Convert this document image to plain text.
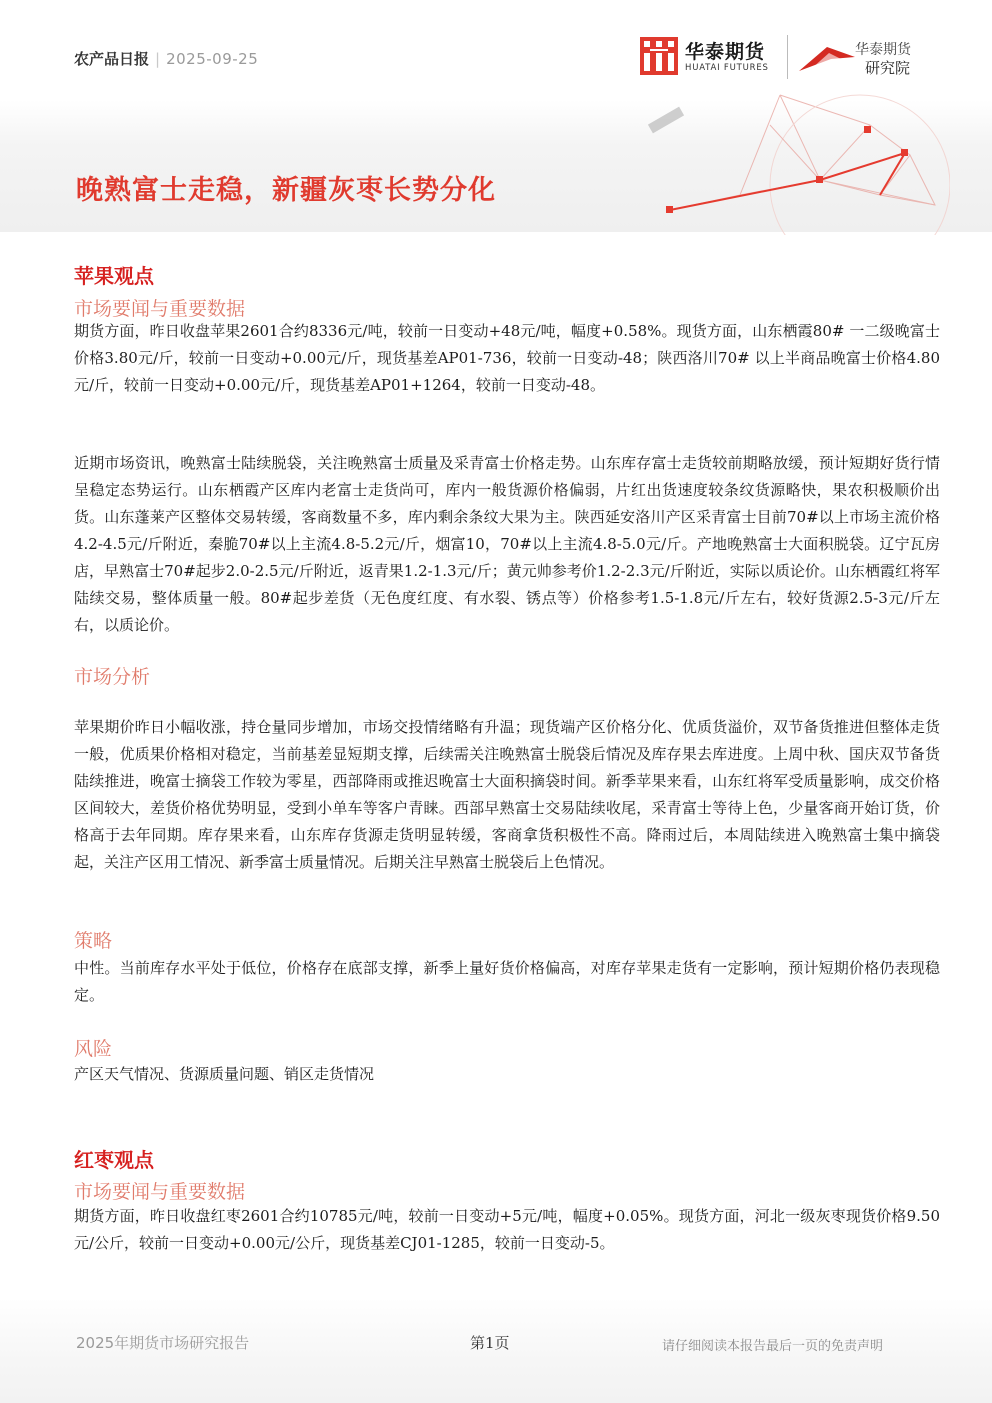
农产品日报 | 2025-09-25	华泰期货
HUATAI FUTURES
华泰期货
研究院
晚熟富士走稳，新疆灰枣长势分化
苹果观点
市场要闻与重要数据

期货方面，昨日收盘苹果2601合约8336元/吨，较前一日变动+48元/吨，幅度+0.58%。现货方面，山东栖霞80# 一二级晚富士价格3.80元/斤，较前一日变动+0.00元/斤，现货基差AP01-736，较前一日变动-48；陕西洛川70# 以上半商品晚富士价格4.80元/斤，较前一日变动+0.00元/斤，现货基差AP01+1264，较前一日变动-48。

近期市场资讯，晚熟富士陆续脱袋，关注晚熟富士质量及采青富士价格走势。山东库存富士走货较前期略放缓，预计短期好货行情呈稳定态势运行。山东栖霞产区库内老富士走货尚可，库内一般货源价格偏弱，片红出货速度较条纹货源略快，果农积极顺价出货。山东蓬莱产区整体交易转缓，客商数量不多，库内剩余条纹大果为主。陕西延安洛川产区采青富士目前70#以上市场主流价格4.2-4.5元/斤附近，秦脆70#以上主流4.8-5.2元/斤，烟富10，70#以上主流4.8-5.0元/斤。产地晚熟富士大面积脱袋。辽宁瓦房店，早熟富士70#起步2.0-2.5元/斤附近，返青果1.2-1.3元/斤；黄元帅参考价1.2-2.3元/斤附近，实际以质论价。山东栖霞红将军陆续交易，整体质量一般。80#起步差货（无色度红度、有水裂、锈点等）价格参考1.5-1.8元/斤左右，较好货源2.5-3元/斤左右，以质论价。

市场分析

苹果期价昨日小幅收涨，持仓量同步增加，市场交投情绪略有升温；现货端产区价格分化、优质货溢价，双节备货推进但整体走货一般，优质果价格相对稳定，当前基差显短期支撑，后续需关注晚熟富士脱袋后情况及库存果去库进度。上周中秋、国庆双节备货陆续推进，晚富士摘袋工作较为零星，西部降雨或推迟晚富士大面积摘袋时间。新季苹果来看，山东红将军受质量影响，成交价格区间较大，差货价格优势明显，受到小单车等客户青睐。西部早熟富士交易陆续收尾，采青富士等待上色，少量客商开始订货，价格高于去年同期。库存果来看，山东库存货源走货明显转缓，客商拿货积极性不高。降雨过后，本周陆续进入晚熟富士集中摘袋起，关注产区用工情况、新季富士质量情况。后期关注早熟富士脱袋后上色情况。

策略

中性。当前库存水平处于低位，价格存在底部支撑，新季上量好货价格偏高，对库存苹果走货有一定影响，预计短期价格仍表现稳定。

风险

产区天气情况、货源质量问题、销区走货情况

红枣观点
市场要闻与重要数据

期货方面，昨日收盘红枣2601合约10785元/吨，较前一日变动+5元/吨，幅度+0.05%。现货方面，河北一级灰枣现货价格9.50元/公斤，较前一日变动+0.00元/公斤，现货基差CJ01-1285，较前一日变动-5。

2025年期货市场研究报告	第1页	请仔细阅读本报告最后一页的免责声明
